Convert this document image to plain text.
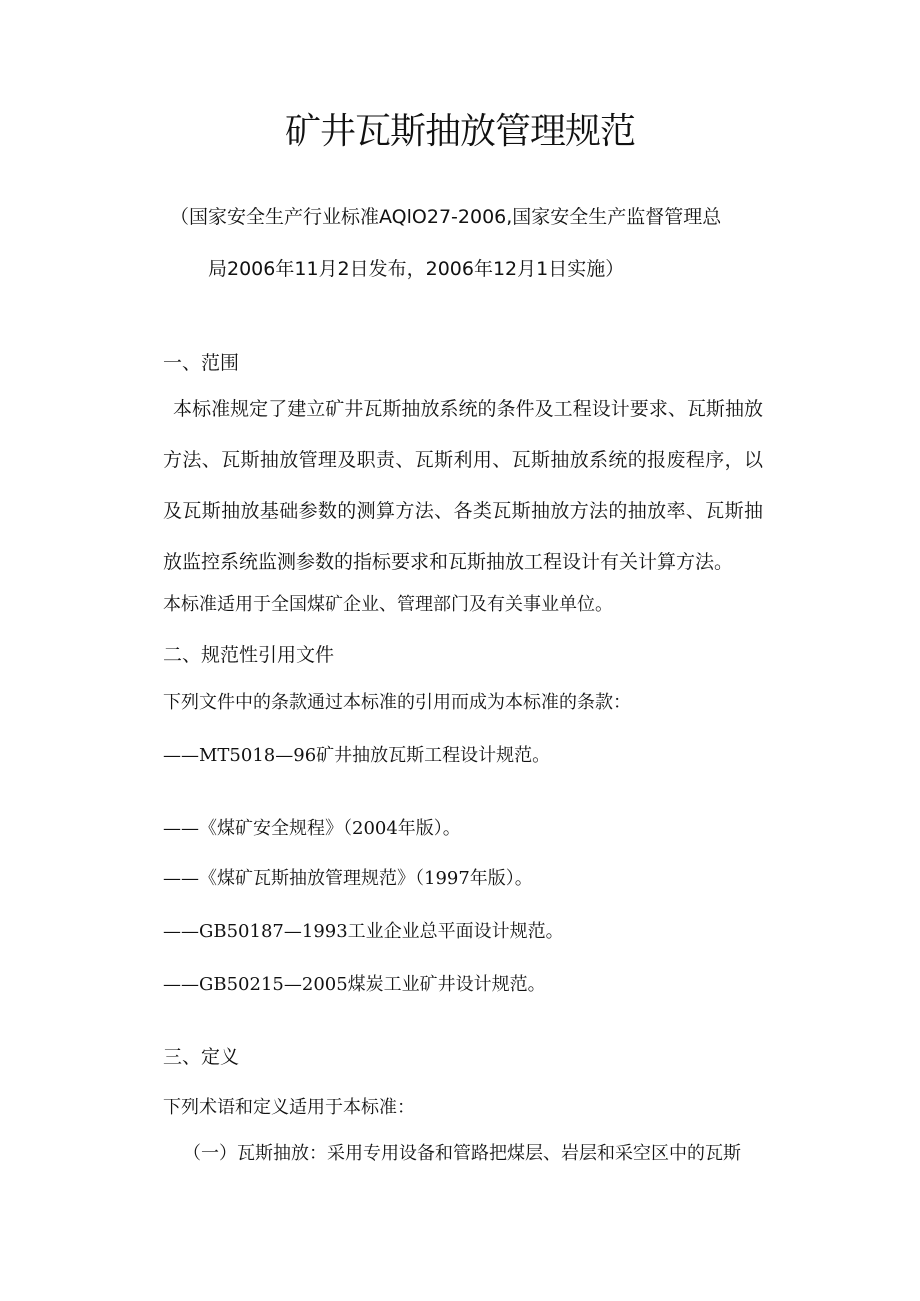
矿井瓦斯抽放管理规范
（国家安全生产行业标准AQlO27-2006,国家安全生产监督管理总
局2006年11月2日发布，2006年12月1日实施）
一、范围
本标准规定了建立矿井瓦斯抽放系统的条件及工程设计要求、瓦斯抽放方法、瓦斯抽放管理及职责、瓦斯利用、瓦斯抽放系统的报废程序，以及瓦斯抽放基础参数的测算方法、各类瓦斯抽放方法的抽放率、瓦斯抽放监控系统监测参数的指标要求和瓦斯抽放工程设计有关计算方法。
本标准适用于全国煤矿企业、管理部门及有关事业单位。
二、规范性引用文件
下列文件中的条款通过本标准的引用而成为本标准的条款：
——MT5018—96矿井抽放瓦斯工程设计规范。
——《煤矿安全规程》（2004年版）。
——《煤矿瓦斯抽放管理规范》（1997年版）。
——GB50187—1993工业企业总平面设计规范。
——GB50215—2005煤炭工业矿井设计规范。
三、定义
下列术语和定义适用于本标准：
（一）瓦斯抽放：采用专用设备和管路把煤层、岩层和采空区中的瓦斯
